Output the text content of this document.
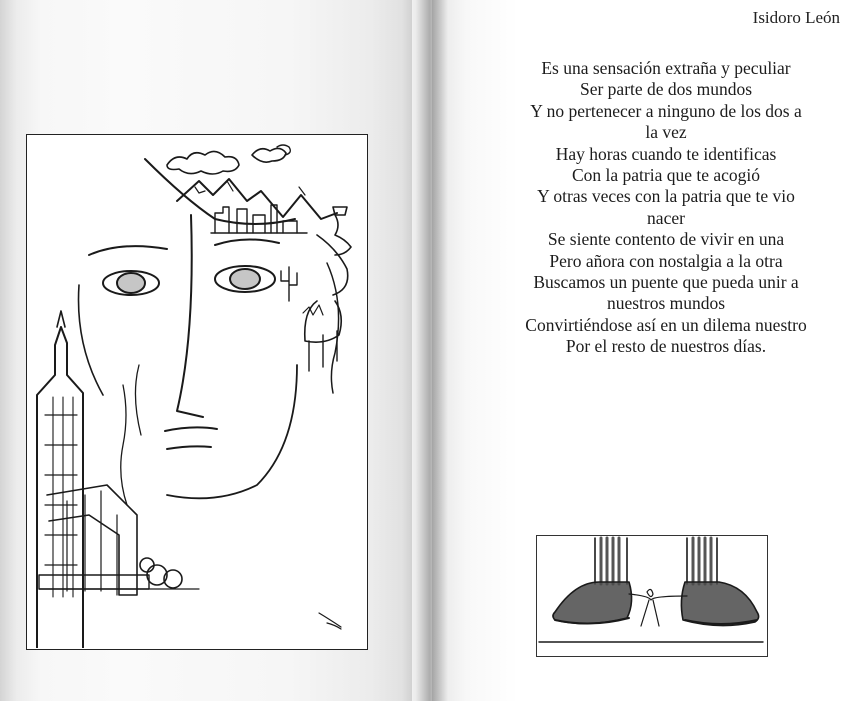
Isidoro León
Es una sensación extraña y peculiar
Ser parte de dos mundos
Y no pertenecer a ninguno de los dos a
la vez
Hay horas cuando te identificas
Con la patria que te acogió
Y otras veces con la patria que te vio
nacer
Se siente contento de vivir en una
Pero añora con nostalgia a la otra
Buscamos un puente que pueda unir a
nuestros mundos
Convirtiéndose así en un dilema nuestro
Por el resto de nuestros días.
